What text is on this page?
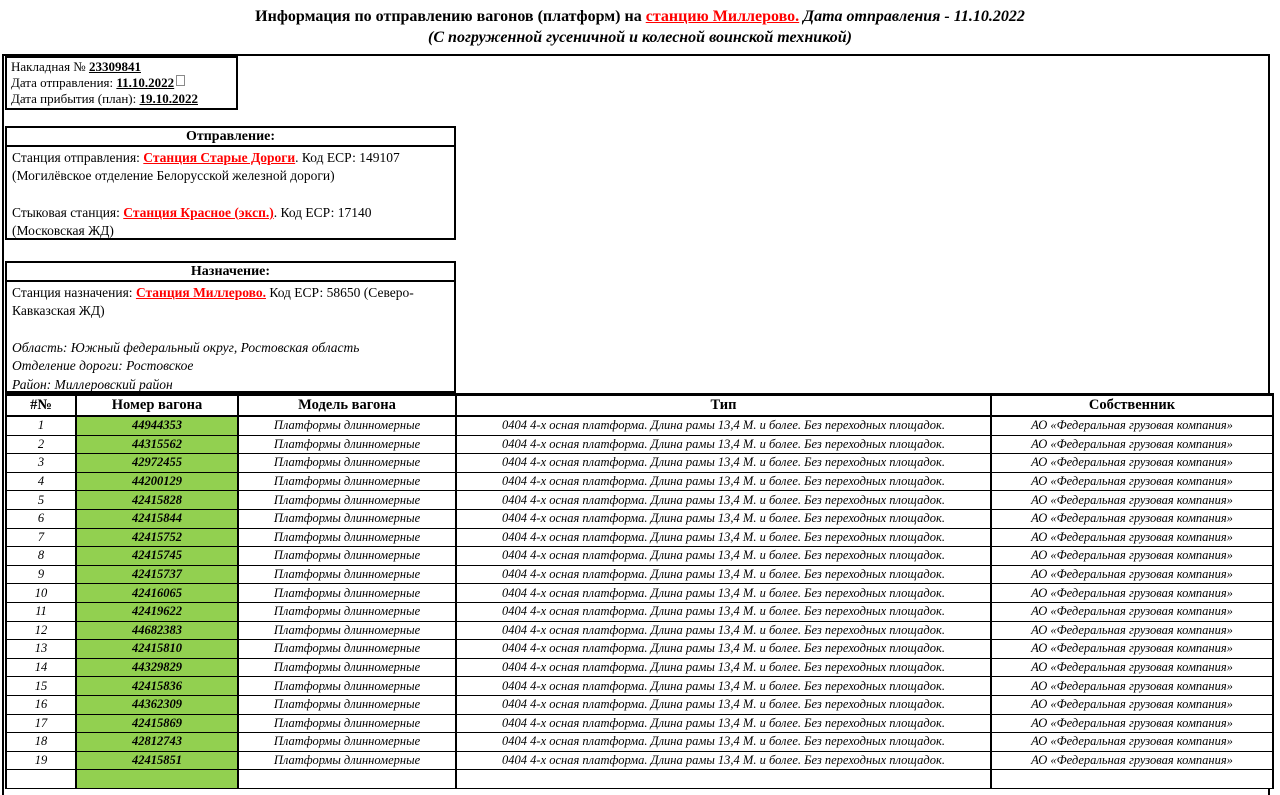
Информация по отправлению вагонов (платформ) на станцию Миллерово. Дата отправления - 11.10.2022
(С погруженной гусеничной и колесной воинской техникой)
Накладная № 23309841
Дата отправления: 11.10.2022
Дата прибытия (план): 19.10.2022
Отправление:
Станция отправления: Станция Старые Дороги. Код ЕСР: 149107
(Могилёвское отделение Белорусской железной дороги)
Стыковая станция: Станция Красное (эксп.). Код ЕСР: 17140
(Московская ЖД)
Назначение:
Станция назначения: Станция Миллерово. Код ЕСР: 58650 (Северо-Кавказская ЖД)
Область: Южный федеральный округ, Ростовская область
Отделение дороги: Ростовское
Район: Миллеровский район
#№	Номер вагона	Модель вагона	Тип	Собственник
1	44944353	Платформы длинномерные	0404 4-х осная платформа. Длина рамы 13,4 М. и более. Без переходных площадок.	АО «Федеральная грузовая компания»
2	44315562	Платформы длинномерные	0404 4-х осная платформа. Длина рамы 13,4 М. и более. Без переходных площадок.	АО «Федеральная грузовая компания»
3	42972455	Платформы длинномерные	0404 4-х осная платформа. Длина рамы 13,4 М. и более. Без переходных площадок.	АО «Федеральная грузовая компания»
4	44200129	Платформы длинномерные	0404 4-х осная платформа. Длина рамы 13,4 М. и более. Без переходных площадок.	АО «Федеральная грузовая компания»
5	42415828	Платформы длинномерные	0404 4-х осная платформа. Длина рамы 13,4 М. и более. Без переходных площадок.	АО «Федеральная грузовая компания»
6	42415844	Платформы длинномерные	0404 4-х осная платформа. Длина рамы 13,4 М. и более. Без переходных площадок.	АО «Федеральная грузовая компания»
7	42415752	Платформы длинномерные	0404 4-х осная платформа. Длина рамы 13,4 М. и более. Без переходных площадок.	АО «Федеральная грузовая компания»
8	42415745	Платформы длинномерные	0404 4-х осная платформа. Длина рамы 13,4 М. и более. Без переходных площадок.	АО «Федеральная грузовая компания»
9	42415737	Платформы длинномерные	0404 4-х осная платформа. Длина рамы 13,4 М. и более. Без переходных площадок.	АО «Федеральная грузовая компания»
10	42416065	Платформы длинномерные	0404 4-х осная платформа. Длина рамы 13,4 М. и более. Без переходных площадок.	АО «Федеральная грузовая компания»
11	42419622	Платформы длинномерные	0404 4-х осная платформа. Длина рамы 13,4 М. и более. Без переходных площадок.	АО «Федеральная грузовая компания»
12	44682383	Платформы длинномерные	0404 4-х осная платформа. Длина рамы 13,4 М. и более. Без переходных площадок.	АО «Федеральная грузовая компания»
13	42415810	Платформы длинномерные	0404 4-х осная платформа. Длина рамы 13,4 М. и более. Без переходных площадок.	АО «Федеральная грузовая компания»
14	44329829	Платформы длинномерные	0404 4-х осная платформа. Длина рамы 13,4 М. и более. Без переходных площадок.	АО «Федеральная грузовая компания»
15	42415836	Платформы длинномерные	0404 4-х осная платформа. Длина рамы 13,4 М. и более. Без переходных площадок.	АО «Федеральная грузовая компания»
16	44362309	Платформы длинномерные	0404 4-х осная платформа. Длина рамы 13,4 М. и более. Без переходных площадок.	АО «Федеральная грузовая компания»
17	42415869	Платформы длинномерные	0404 4-х осная платформа. Длина рамы 13,4 М. и более. Без переходных площадок.	АО «Федеральная грузовая компания»
18	42812743	Платформы длинномерные	0404 4-х осная платформа. Длина рамы 13,4 М. и более. Без переходных площадок.	АО «Федеральная грузовая компания»
19	42415851	Платформы длинномерные	0404 4-х осная платформа. Длина рамы 13,4 М. и более. Без переходных площадок.	АО «Федеральная грузовая компания»
